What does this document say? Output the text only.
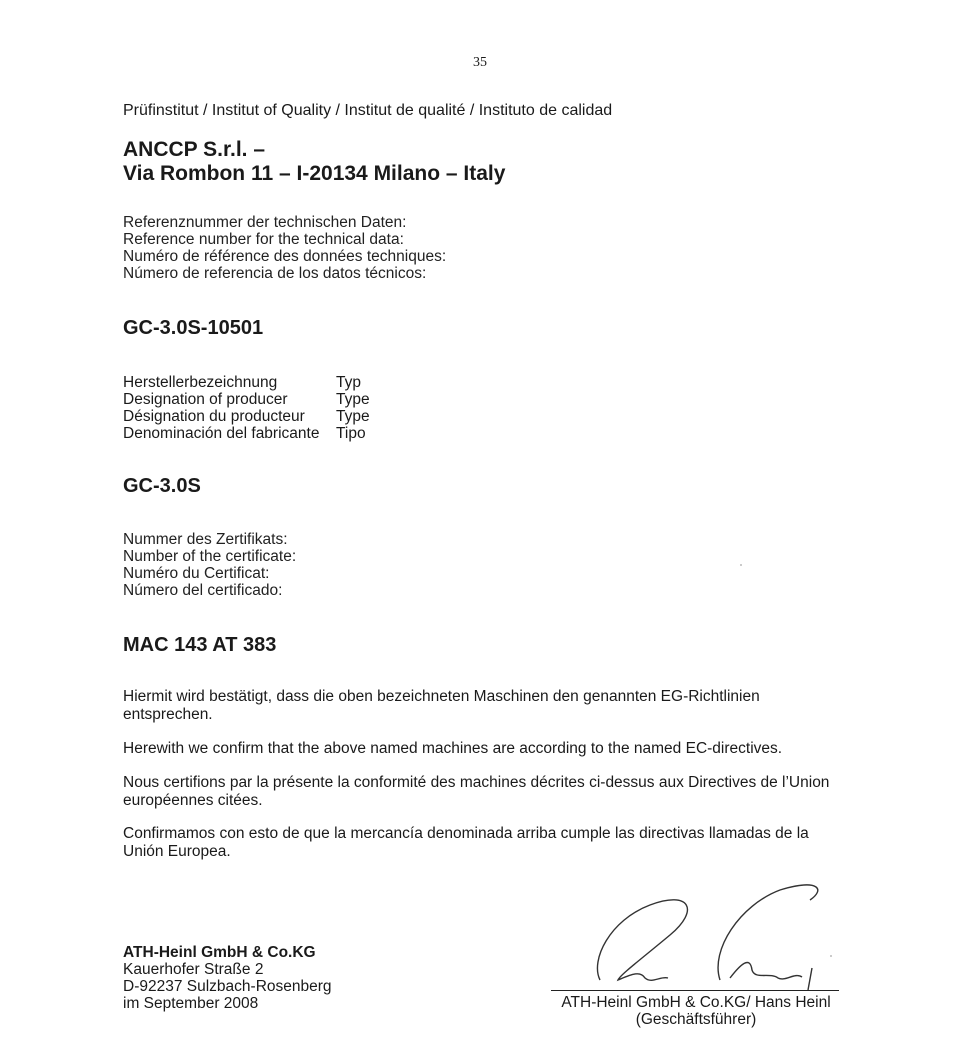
35
Prüfinstitut / Institut of Quality / Institut de qualité / Instituto de calidad
ANCCP S.r.l. –
Via Rombon 11 – I-20134 Milano – Italy
Referenznummer der technischen Daten:
Reference number for the technical data:
Numéro de référence des données techniques:
Número de referencia de los datos técnicos:
GC-3.0S-10501
Herstellerbezeichnung	Typ
Designation of producer	Type
Désignation du producteur	Type
Denominación del fabricante	Tipo
GC-3.0S
Nummer des Zertifikats:
Number of the certificate:
Numéro du Certificat:
Número del certificado:
MAC 143 AT 383
Hiermit wird bestätigt, dass die oben bezeichneten Maschinen den genannten EG-Richtlinien entsprechen.
Herewith we confirm that the above named machines are according to the named EC-directives.
Nous certifions par la présente la conformité des machines décrites ci-dessus aux Directives de l’Union européennes citées.
Confirmamos con esto de que la mercancía denominada arriba cumple las directivas llamadas de la Unión Europea.
ATH-Heinl GmbH & Co.KG
Kauerhofer Straße 2
D-92237 Sulzbach-Rosenberg
im September 2008	ATH-Heinl GmbH & Co.KG/ Hans Heinl
(Geschäftsführer)
